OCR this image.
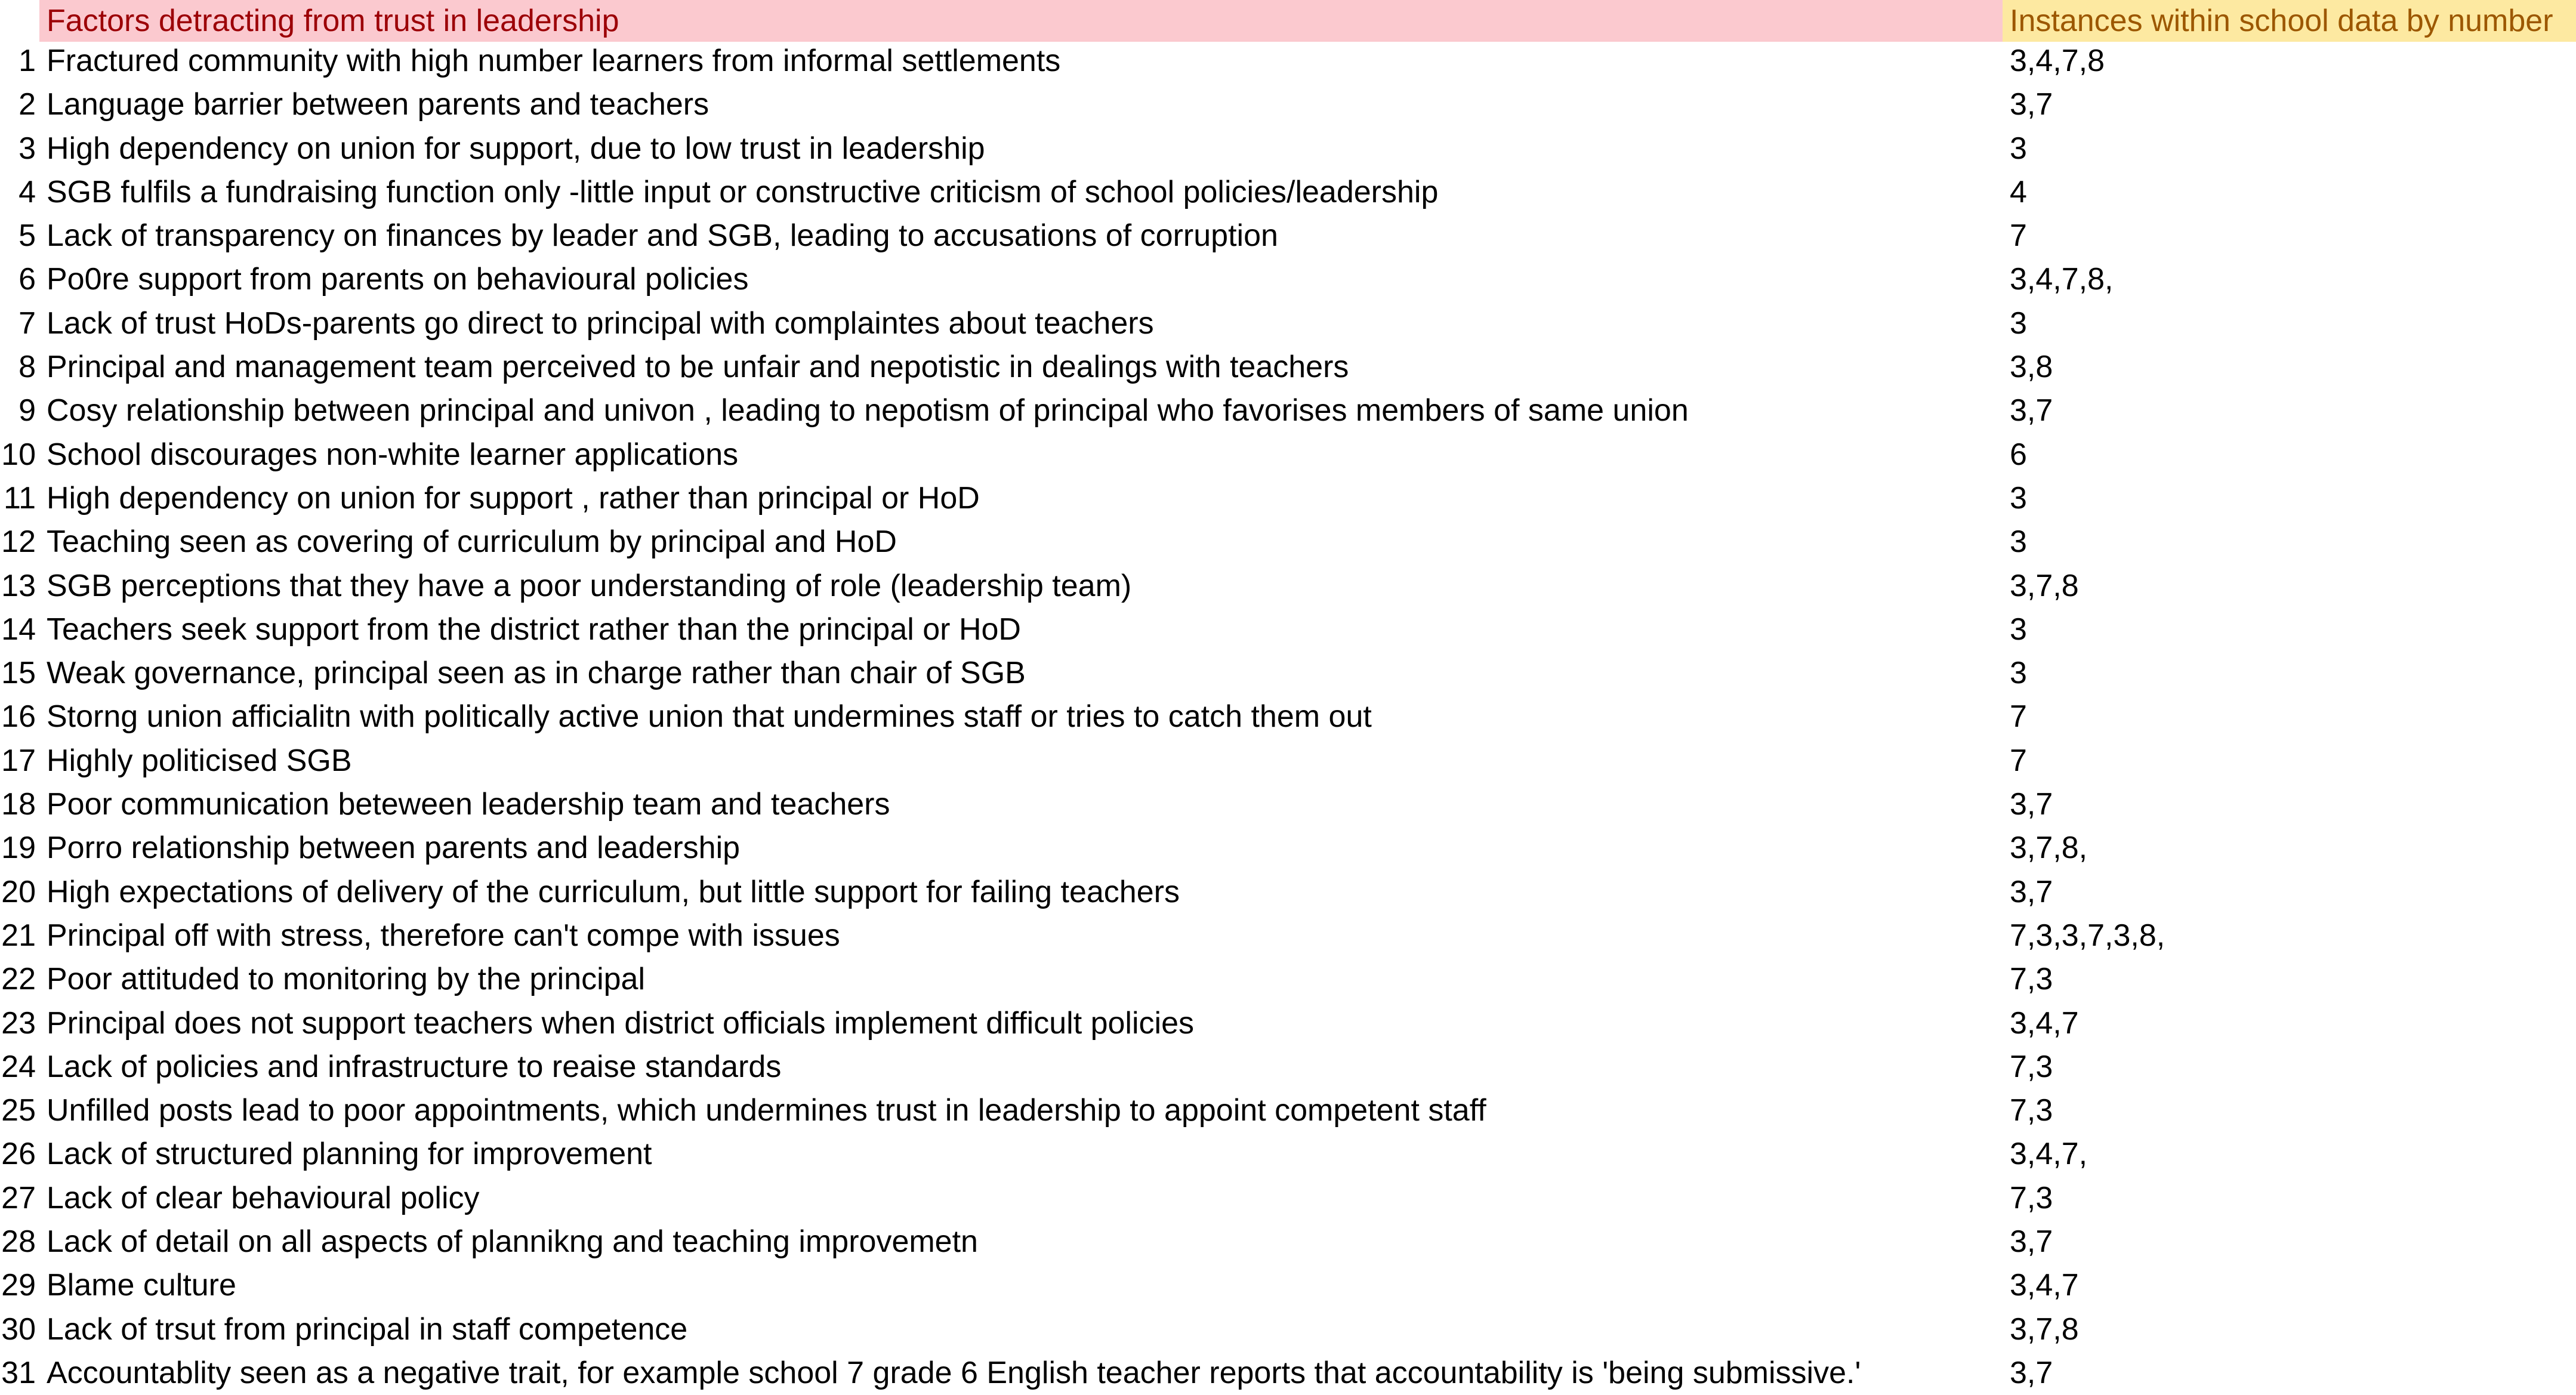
Factors detracting from trust in leadership	Instances within school data by number
1 Fractured community with high number learners from informal settlements	3,4,7,8
2 Language barrier between parents and teachers	3,7
3 High dependency on union for support, due to low trust in leadership	3
4 SGB fulfils a fundraising function only -little input or constructive criticism of school policies/leadership	4
5 Lack of transparency on finances by leader and SGB, leading to accusations of corruption	7
6 Po0re support from parents on behavioural policies	3,4,7,8,
7 Lack of trust HoDs-parents go direct to principal with complaintes about teachers	3
8 Principal and management team perceived to be unfair and nepotistic in dealings with teachers	3,8
9 Cosy relationship between principal and univon , leading to nepotism of principal who favorises members of same union	3,7
10 School discourages non-white learner applications	6
11 High dependency on union for support , rather than principal or HoD	3
12 Teaching seen as covering of curriculum by principal and HoD	3
13 SGB perceptions that they have a poor understanding of role (leadership team)	3,7,8
14 Teachers seek support from the district rather than the principal or HoD	3
15 Weak governance, principal seen as in charge rather than chair of SGB	3
16 Storng union afficialitn with politically active union that undermines staff or tries to catch them out	7
17 Highly politicised SGB	7
18 Poor communication beteween leadership team and teachers	3,7
19 Porro relationship between parents and leadership	3,7,8,
20 High expectations of delivery of the curriculum, but little support for failing teachers	3,7
21 Principal off with stress, therefore can't compe with issues	7,3,3,7,3,8,
22 Poor attituded to monitoring by the principal	7,3
23 Principal does not support teachers when district officials implement difficult policies	3,4,7
24 Lack of policies and infrastructure to reaise standards	7,3
25 Unfilled posts lead to poor appointments, which undermines trust in leadership to appoint competent staff	7,3
26 Lack of structured planning for improvement	3,4,7,
27 Lack of clear behavioural policy	7,3
28 Lack of detail on all aspects of plannikng and teaching improvemetn	3,7
29 Blame culture	3,4,7
30 Lack of trsut from principal in staff competence	3,7,8
31 Accountablity seen as a negative trait, for example school 7 grade 6 English teacher reports that accountability is 'being submissive.'	3,7
